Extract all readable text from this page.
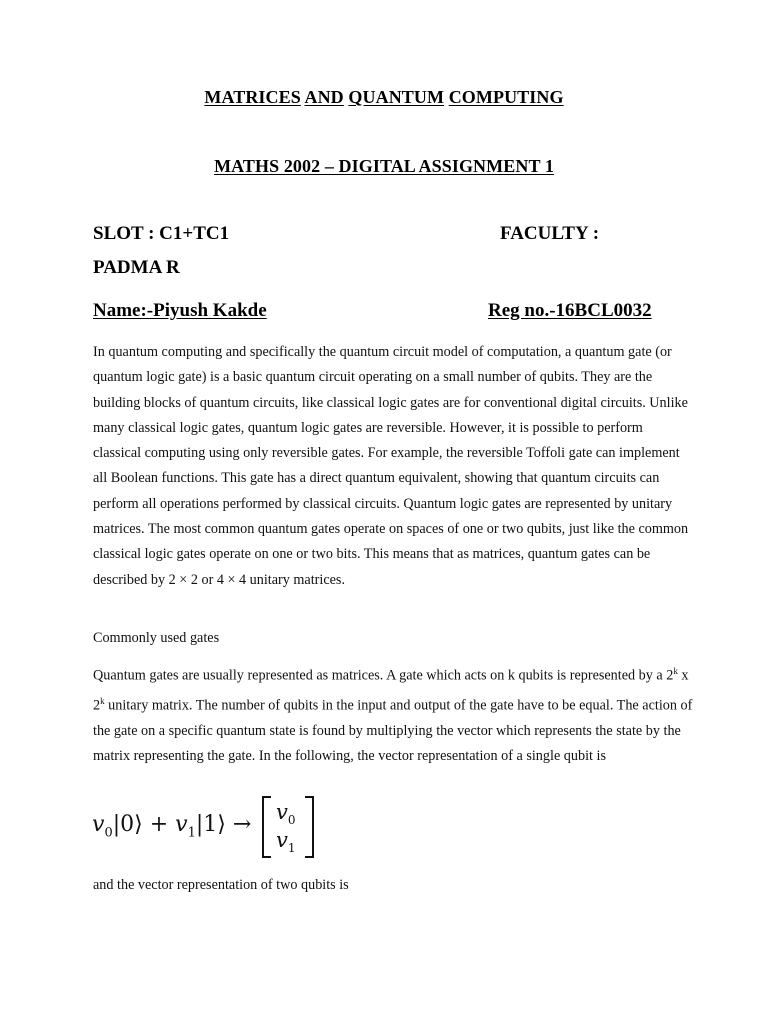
MATRICES AND QUANTUM COMPUTING
MATHS 2002 – DIGITAL ASSIGNMENT 1
SLOT : C1+TC1	FACULTY :
PADMA R
Name:-Piyush Kakde	Reg no.-16BCL0032
In quantum computing and specifically the quantum circuit model of computation, a quantum gate (or quantum logic gate) is a basic quantum circuit operating on a small number of qubits. They are the building blocks of quantum circuits, like classical logic gates are for conventional digital circuits. Unlike many classical logic gates, quantum logic gates are reversible. However, it is possible to perform classical computing using only reversible gates. For example, the reversible Toffoli gate can implement all Boolean functions. This gate has a direct quantum equivalent, showing that quantum circuits can perform all operations performed by classical circuits. Quantum logic gates are represented by unitary matrices. The most common quantum gates operate on spaces of one or two qubits, just like the common classical logic gates operate on one or two bits. This means that as matrices, quantum gates can be described by 2 × 2 or 4 × 4 unitary matrices.
Commonly used gates
Quantum gates are usually represented as matrices. A gate which acts on k qubits is represented by a 2$^k$ x 2$^k$ unitary matrix. The number of qubits in the input and output of the gate have to be equal. The action of the gate on a specific quantum state is found by multiplying the vector which represents the state by the matrix representing the gate. In the following, the vector representation of a single qubit is
$v_0|0⟩$ + $v_1|1⟩ \to v_0$
$v_1$
and the vector representation of two qubits is
